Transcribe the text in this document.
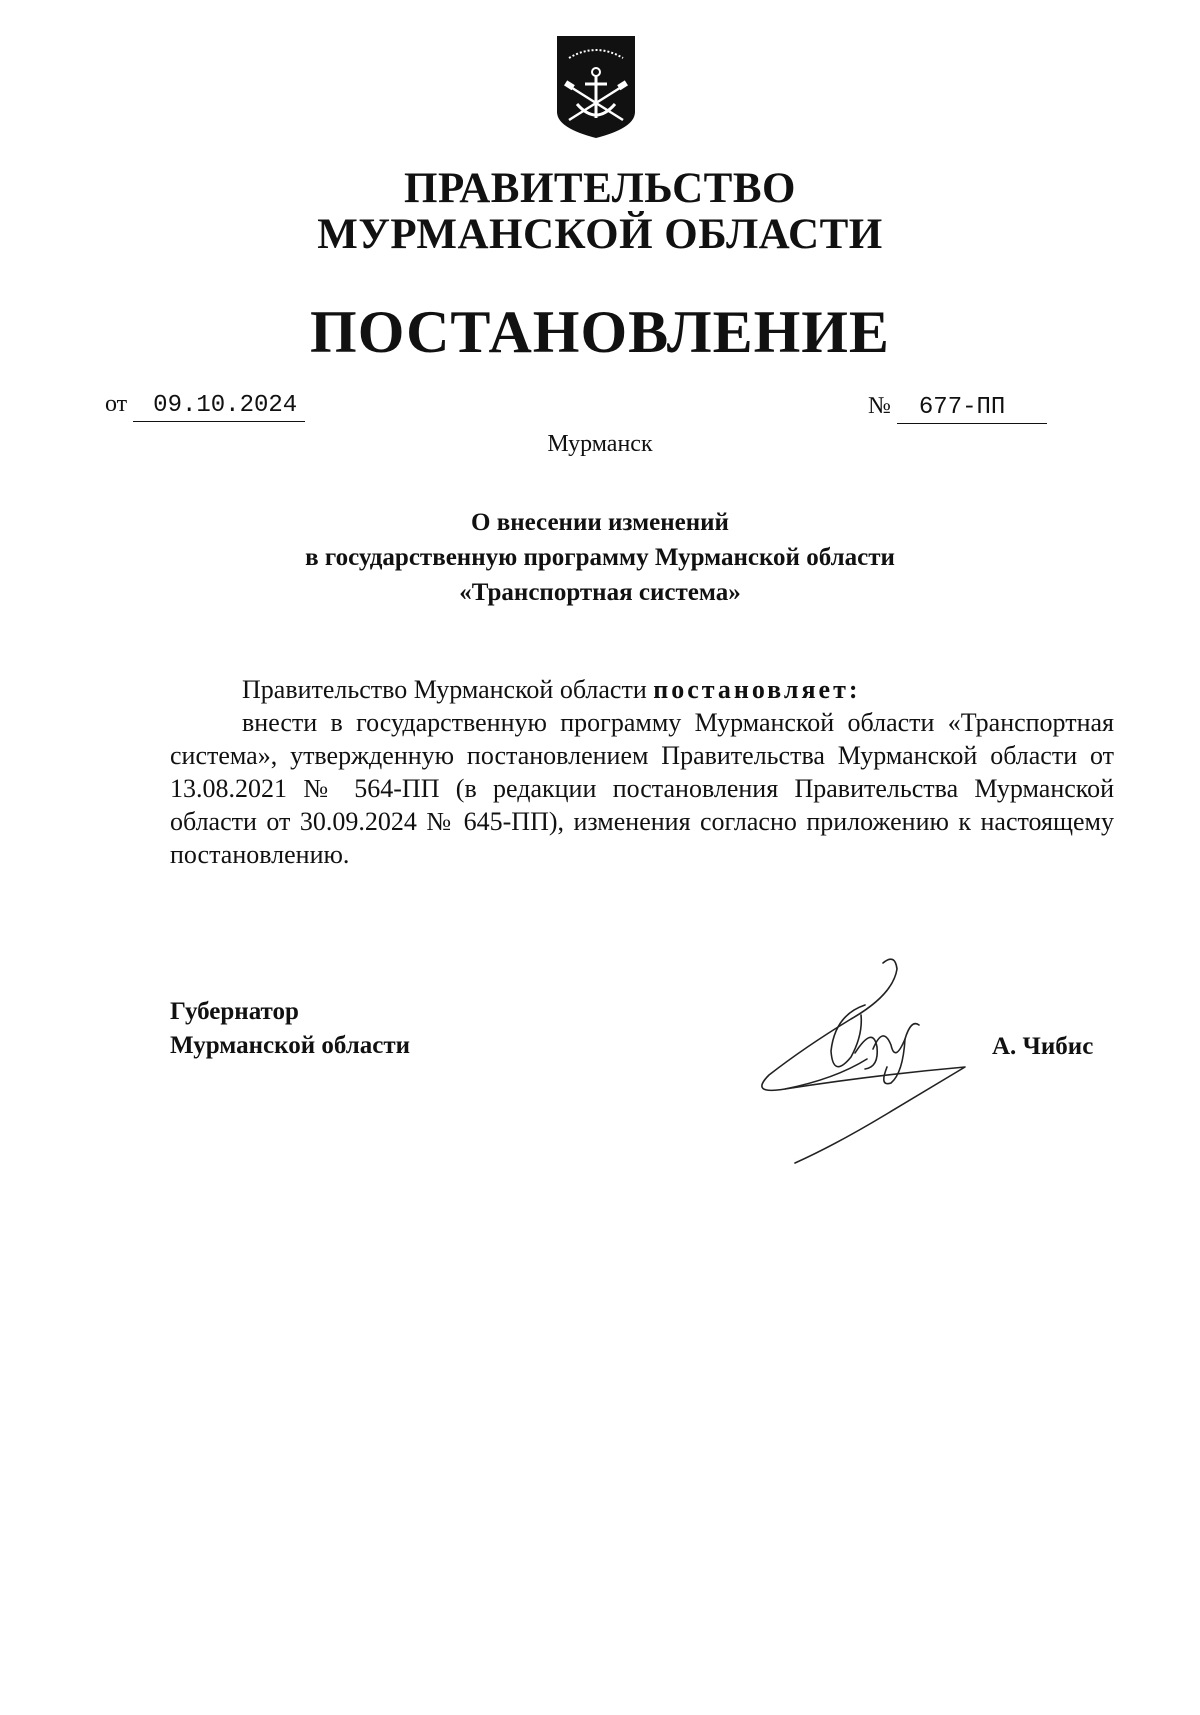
ПРАВИТЕЛЬСТВО
МУРМАНСКОЙ ОБЛАСТИ
ПОСТАНОВЛЕНИЕ
от 09.10.2024	№ 677-ПП
Мурманск
О внесении изменений
в государственную программу Мурманской области
«Транспортная система»

Правительство Мурманской области постановляет:

внести в государственную программу Мурманской области «Транспортная система», утвержденную постановлением Правительства Мурманской области от 13.08.2021 № 564-ПП (в редакции постановления Правительства Мурманской области от 30.09.2024 № 645-ПП), изменения согласно приложению к настоящему постановлению.

Губернатор
Мурманской области	А. Чибис
